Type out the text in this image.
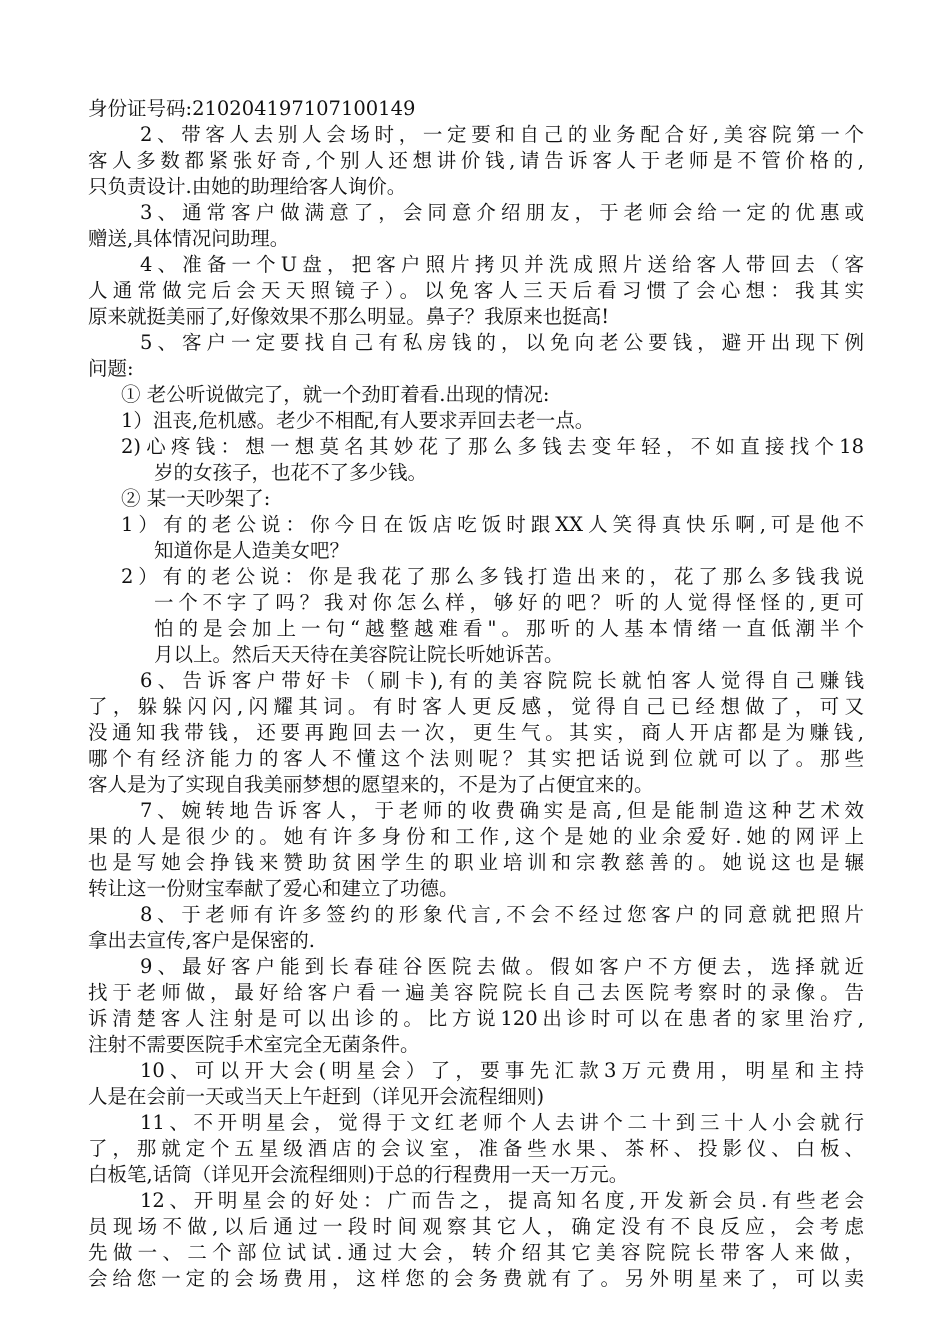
身份证号码:210204197107100149
2、带客人去别人会场时，一定要和自己的业务配合好,美容院第一个
客人多数都紧张好奇,个别人还想讲价钱,请告诉客人于老师是不管价格的,
只负责设计.由她的助理给客人询价。
3、通常客户做满意了，会同意介绍朋友，于老师会给一定的优惠或
赠送,具体情况问助理。
4、准备一个U盘，把客户照片拷贝并洗成照片送给客人带回去（客
人通常做完后会天天照镜子）。以免客人三天后看习惯了会心想：我其实
原来就挺美丽了,好像效果不那么明显。鼻子？我原来也挺高!
5、客户一定要找自己有私房钱的，以免向老公要钱，避开出现下例
问题:
① 老公听说做完了，就一个劲盯着看.出现的情况:
1）沮丧,危机感。老少不相配,有人要求弄回去老一点。
2)心疼钱：想一想莫名其妙花了那么多钱去变年轻，不如直接找个18
岁的女孩子，也花不了多少钱。
② 某一天吵架了:
1）有的老公说：你今日在饭店吃饭时跟XX人笑得真快乐啊,可是他不
知道你是人造美女吧？
2）有的老公说：你是我花了那么多钱打造出来的，花了那么多钱我说
一个不字了吗？我对你怎么样，够好的吧？听的人觉得怪怪的,更可
怕的是会加上一句“越整越难看"。那听的人基本情绪一直低潮半个
月以上。然后天天待在美容院让院长听她诉苦。
6、告诉客户带好卡（刷卡),有的美容院院长就怕客人觉得自己赚钱
了，躲躲闪闪,闪耀其词。有时客人更反感，觉得自己已经想做了，可又
没通知我带钱，还要再跑回去一次，更生气。其实，商人开店都是为赚钱,
哪个有经济能力的客人不懂这个法则呢？其实把话说到位就可以了。那些
客人是为了实现自我美丽梦想的愿望来的，不是为了占便宜来的。
7、婉转地告诉客人，于老师的收费确实是高,但是能制造这种艺术效
果的人是很少的。她有许多身份和工作,这个是她的业余爱好.她的网评上
也是写她会挣钱来赞助贫困学生的职业培训和宗教慈善的。她说这也是辗
转让这一份财宝奉献了爱心和建立了功德。
8、于老师有许多签约的形象代言,不会不经过您客户的同意就把照片
拿出去宣传,客户是保密的.
9、最好客户能到长春硅谷医院去做。假如客户不方便去，选择就近
找于老师做，最好给客户看一遍美容院院长自己去医院考察时的录像。告
诉清楚客人注射是可以出诊的。比方说120出诊时可以在患者的家里治疗,
注射不需要医院手术室完全无菌条件。
10、可以开大会(明星会）了，要事先汇款3万元费用，明星和主持
人是在会前一天或当天上午赶到（详见开会流程细则)
11、不开明星会，觉得于文红老师个人去讲个二十到三十人小会就行
了，那就定个五星级酒店的会议室，准备些水果、茶杯、投影仪、白板、
白板笔,话筒（详见开会流程细则)于总的行程费用一天一万元。
12、开明星会的好处：广而告之，提高知名度,开发新会员.有些老会
员现场不做,以后通过一段时间观察其它人，确定没有不良反应，会考虑
先做一、二个部位试试.通过大会，转介绍其它美容院院长带客人来做，
会给您一定的会场费用，这样您的会务费就有了。另外明星来了，可以卖
